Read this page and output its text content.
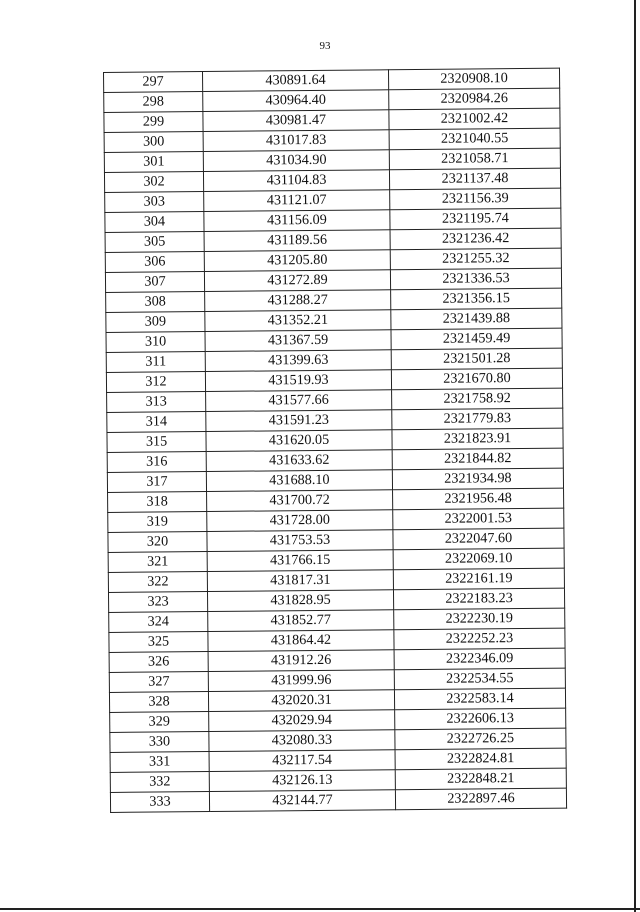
93
297	430891.64	2320908.10
298	430964.40	2320984.26
299	430981.47	2321002.42
300	431017.83	2321040.55
301	431034.90	2321058.71
302	431104.83	2321137.48
303	431121.07	2321156.39
304	431156.09	2321195.74
305	431189.56	2321236.42
306	431205.80	2321255.32
307	431272.89	2321336.53
308	431288.27	2321356.15
309	431352.21	2321439.88
310	431367.59	2321459.49
311	431399.63	2321501.28
312	431519.93	2321670.80
313	431577.66	2321758.92
314	431591.23	2321779.83
315	431620.05	2321823.91
316	431633.62	2321844.82
317	431688.10	2321934.98
318	431700.72	2321956.48
319	431728.00	2322001.53
320	431753.53	2322047.60
321	431766.15	2322069.10
322	431817.31	2322161.19
323	431828.95	2322183.23
324	431852.77	2322230.19
325	431864.42	2322252.23
326	431912.26	2322346.09
327	431999.96	2322534.55
328	432020.31	2322583.14
329	432029.94	2322606.13
330	432080.33	2322726.25
331	432117.54	2322824.81
332	432126.13	2322848.21
333	432144.77	2322897.46
